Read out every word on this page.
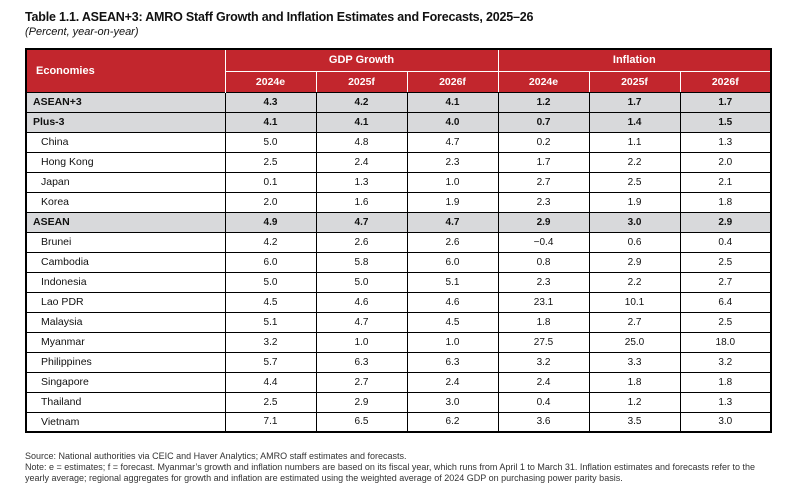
Table 1.1. ASEAN+3: AMRO Staff Growth and Inflation Estimates and Forecasts, 2025–26
(Percent, year-on-year)
Economies	GDP Growth			Inflation		
	2024e	2025f	2026f	2024e	2025f	2026f
ASEAN+3	4.3	4.2	4.1	1.2	1.7	1.7
Plus-3	4.1	4.1	4.0	0.7	1.4	1.5
China	5.0	4.8	4.7	0.2	1.1	1.3
Hong Kong	2.5	2.4	2.3	1.7	2.2	2.0
Japan	0.1	1.3	1.0	2.7	2.5	2.1
Korea	2.0	1.6	1.9	2.3	1.9	1.8
ASEAN	4.9	4.7	4.7	2.9	3.0	2.9
Brunei	4.2	2.6	2.6	−0.4	0.6	0.4
Cambodia	6.0	5.8	6.0	0.8	2.9	2.5
Indonesia	5.0	5.0	5.1	2.3	2.2	2.7
Lao PDR	4.5	4.6	4.6	23.1	10.1	6.4
Malaysia	5.1	4.7	4.5	1.8	2.7	2.5
Myanmar	3.2	1.0	1.0	27.5	25.0	18.0
Philippines	5.7	6.3	6.3	3.2	3.3	3.2
Singapore	4.4	2.7	2.4	2.4	1.8	1.8
Thailand	2.5	2.9	3.0	0.4	1.2	1.3
Vietnam	7.1	6.5	6.2	3.6	3.5	3.0

Source: National authorities via CEIC and Haver Analytics; AMRO staff estimates and forecasts.

Note: e = estimates; f = forecast. Myanmar’s growth and inflation numbers are based on its fiscal year, which runs from April 1 to March 31. Inflation estimates and forecasts refer to the yearly average; regional aggregates for growth and inflation are estimated using the weighted average of 2024 GDP on purchasing power parity basis.
